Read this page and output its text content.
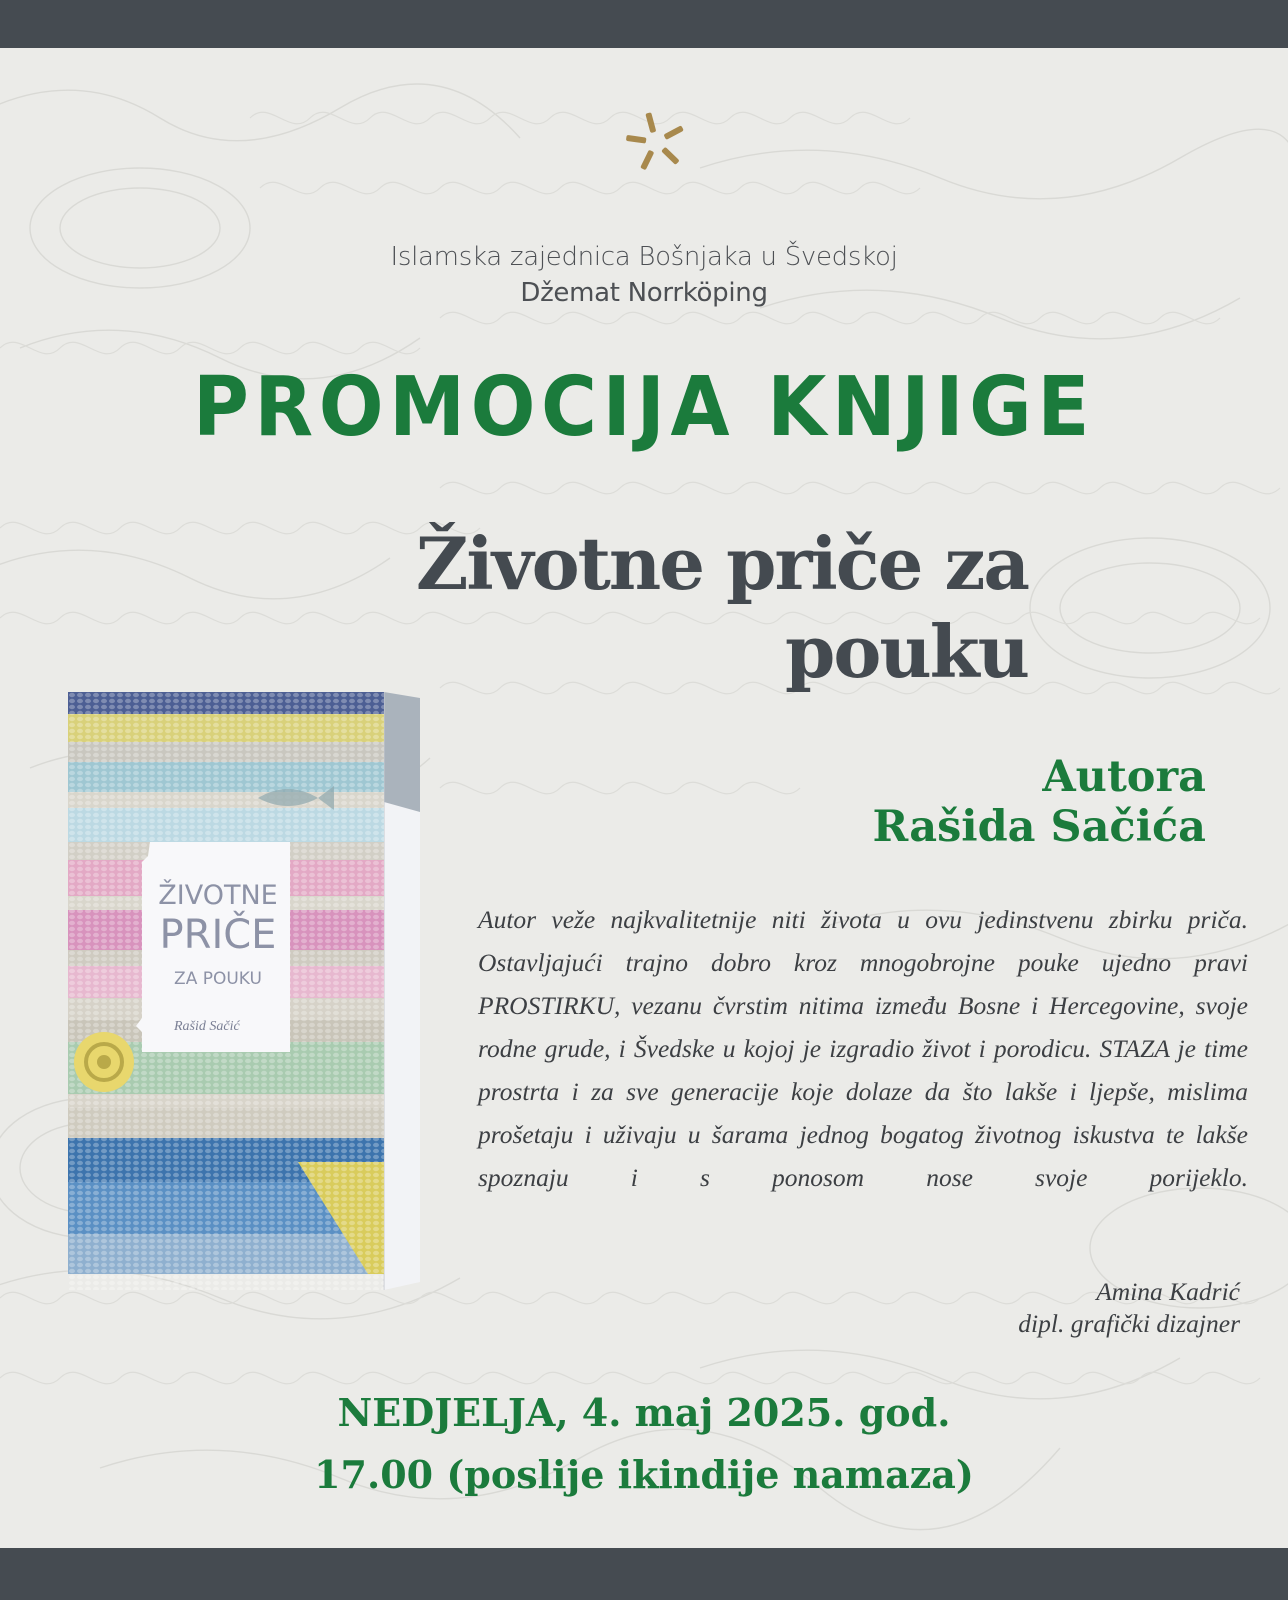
Islamska zajednica Bošnjaka u Švedskoj
Džemat Norrköping
PROMOCIJA KNJIGE
Životne priče za
pouku
ŽIVOTNE
PRIČE
ZA POUKU
Rašid Sačić
Autora
Rašida Sačića
Autor veže najkvalitetnije niti života u ovu jedinstvenu zbirku priča. Ostavljajući trajno dobro kroz mnogobrojne pouke ujedno pravi PROSTIRKU, vezanu čvrstim nitima između Bosne i Hercegovine, svoje rodne grude, i Švedske u kojoj je izgradio život i porodicu. STAZA je time prostrta i za sve generacije koje dolaze da što lakše i ljepše, mislima prošetaju i uživaju u šarama jednog bogatog životnog iskustva te lakše spoznaju i s ponosom nose svoje porijeklo.
Amina Kadrić
dipl. grafički dizajner
NEDJELJA, 4. maj 2025. god.
17.00 (poslije ikindije namaza)
